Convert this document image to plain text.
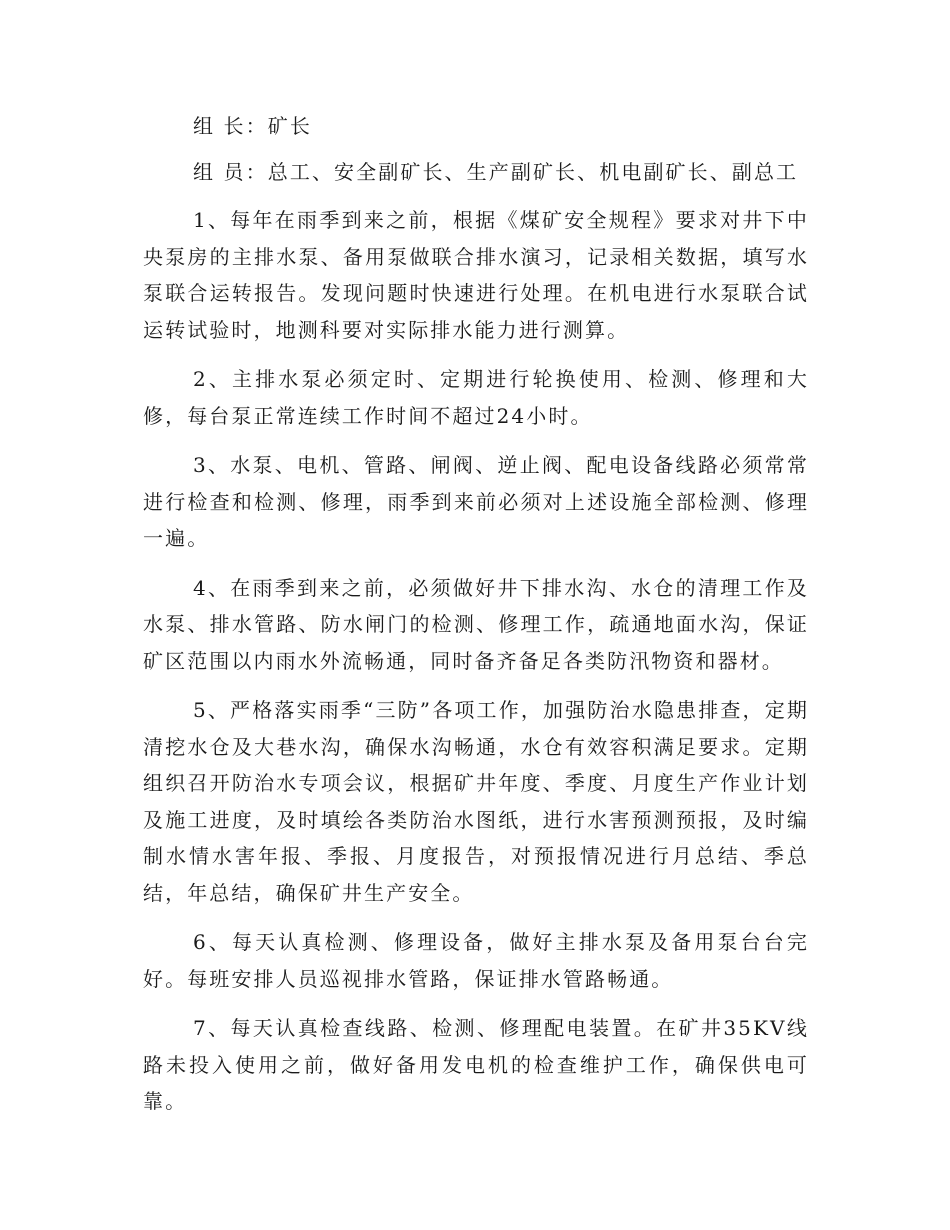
组 长：矿长
组 员：总工、安全副矿长、生产副矿长、机电副矿长、副总工

1、每年在雨季到来之前，根据《煤矿安全规程》要求对井下中央泵房的主排水泵、备用泵做联合排水演习，记录相关数据，填写水泵联合运转报告。发现问题时快速进行处理。在机电进行水泵联合试运转试验时，地测科要对实际排水能力进行测算。

2、主排水泵必须定时、定期进行轮换使用、检测、修理和大修，每台泵正常连续工作时间不超过24小时。

3、水泵、电机、管路、闸阀、逆止阀、配电设备线路必须常常进行检查和检测、修理，雨季到来前必须对上述设施全部检测、修理一遍。

4、在雨季到来之前，必须做好井下排水沟、水仓的清理工作及水泵、排水管路、防水闸门的检测、修理工作，疏通地面水沟，保证矿区范围以内雨水外流畅通，同时备齐备足各类防汛物资和器材。

5、严格落实雨季“三防”各项工作，加强防治水隐患排查，定期清挖水仓及大巷水沟，确保水沟畅通，水仓有效容积满足要求。定期组织召开防治水专项会议，根据矿井年度、季度、月度生产作业计划及施工进度，及时填绘各类防治水图纸，进行水害预测预报，及时编制水情水害年报、季报、月度报告，对预报情况进行月总结、季总结，年总结，确保矿井生产安全。

6、每天认真检测、修理设备，做好主排水泵及备用泵台台完好。每班安排人员巡视排水管路，保证排水管路畅通。

7、每天认真检查线路、检测、修理配电装置。在矿井35KV线路未投入使用之前，做好备用发电机的检查维护工作，确保供电可靠。
